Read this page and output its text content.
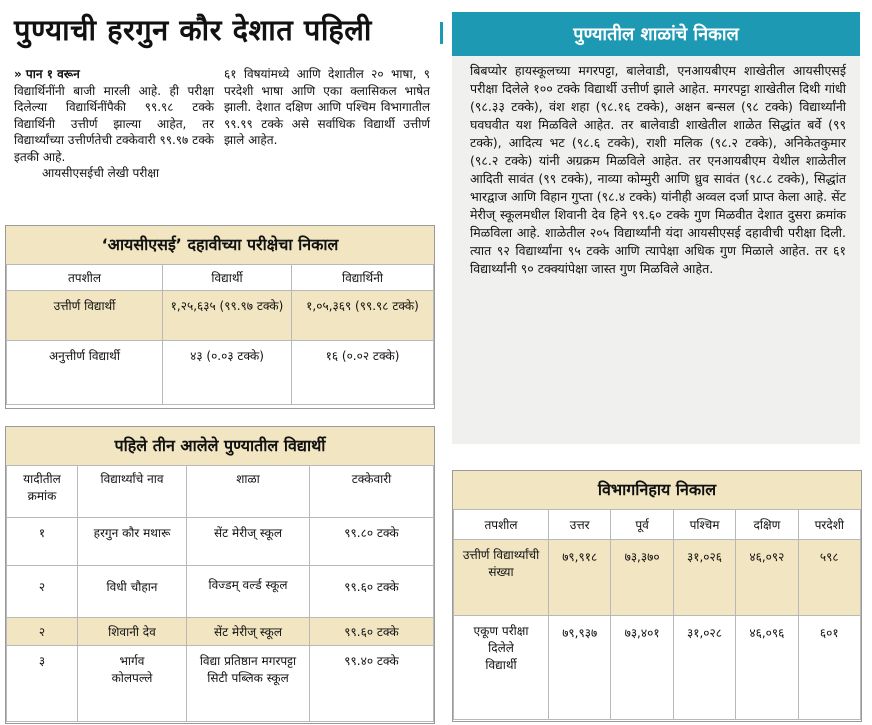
पुण्याची हरगुन कौर देशात पहिली

» पान १ वरून

विद्यार्थिनींनी बाजी मारली आहे. ही परीक्षा दिलेल्या विद्यार्थिनींपैकी ९९.९८ टक्के विद्यार्थिनी उत्तीर्ण झाल्या आहेत, तर विद्यार्थ्यांच्या उत्तीर्णतेची टक्केवारी ९९.९७ टक्के इतकी आहे.

आयसीएसईची लेखी परीक्षा

६१ विषयांमध्ये आणि देशातील २० भाषा, ९ परदेशी भाषा आणि एका क्लासिकल भाषेत झाली. देशात दक्षिण आणि पश्चिम विभागातील ९९.९९ टक्के असे सर्वाधिक विद्यार्थी उत्तीर्ण झाले आहेत.

पुण्यातील शाळांचे निकाल

बिबप्योर हायस्कूलच्या मगरपट्टा, बालेवाडी, एनआयबीएम शाखेतील आयसीएसई परीक्षा दिलेले १०० टक्के विद्यार्थी उत्तीर्ण झाले आहेत. मगरपट्टा शाखेतील दिथी गांधी (९८.३३ टक्के), वंश शहा (९८.१६ टक्के), अक्षन बन्सल (९८ टक्के) विद्यार्थ्यांनी घवघवीत यश मिळविले आहेत. तर बालेवाडी शाखेतील शाळेत सिद्धांत बर्वे (९९ टक्के), आदित्य भट (९८.६ टक्के), राशी मलिक (९८.२ टक्के), अनिकेतकुमार (९८.२ टक्के) यांनी अग्रक्रम मिळविले आहेत. तर एनआयबीएम येथील शाळेतील आदिती सावंत (९९ टक्के), नाव्या कोम्मुरी आणि ध्रुव सावंत (९८.८ टक्के), सिद्धांत भारद्वाज आणि विहान गुप्ता (९८.४ टक्के) यांनीही अव्वल दर्जा प्राप्त केला आहे. सेंट मेरीज् स्कूलमधील शिवानी देव हिने ९९.६० टक्के गुण मिळवीत देशात दुसरा क्रमांक मिळविला आहे. शाळेतील २०५ विद्यार्थ्यांनी यंदा आयसीएसई दहावीची परीक्षा दिली. त्यात ९२ विद्यार्थ्यांना ९५ टक्के आणि त्यापेक्षा अधिक गुण मिळाले आहेत. तर ६१ विद्यार्थ्यांनी ९० टक्क्यांपेक्षा जास्त गुण मिळविले आहेत.

‘आयसीएसई’ दहावीच्या परीक्षेचा निकाल
तपशील	विद्यार्थी	विद्यार्थिनी
उत्तीर्ण विद्यार्थी	१,२५,६३५ (९९.९७ टक्के)	१,०५,३६९ (९९.९८ टक्के)
अनुत्तीर्ण विद्यार्थी	४३ (०.०३ टक्के)	१६ (०.०२ टक्के)
पहिले तीन आलेले पुण्यातील विद्यार्थी
यादीतील क्रमांक	विद्यार्थ्यांचे नाव	शाळा	टक्केवारी
१	हरगुन कौर मथारू	सेंट मेरीज् स्कूल	९९.८० टक्के
२	विधी चौहान	विज्डम् वर्ल्ड स्कूल	९९.६० टक्के
२	शिवानी देव	सेंट मेरीज् स्कूल	९९.६० टक्के
३	भार्गव कोलपल्ले	विद्या प्रतिष्ठान मगरपट्टा सिटी पब्लिक स्कूल	९९.४० टक्के
विभागनिहाय निकाल
तपशील	उत्तर	पूर्व	पश्चिम	दक्षिण	परदेशी
उत्तीर्ण विद्यार्थ्यांची संख्या	७९,९१८	७३,३७०	३१,०२६	४६,०९२	५९८
एकूण परीक्षा दिलेले विद्यार्थी	७९,९३७	७३,४०१	३१,०२८	४६,०९६	६०१
